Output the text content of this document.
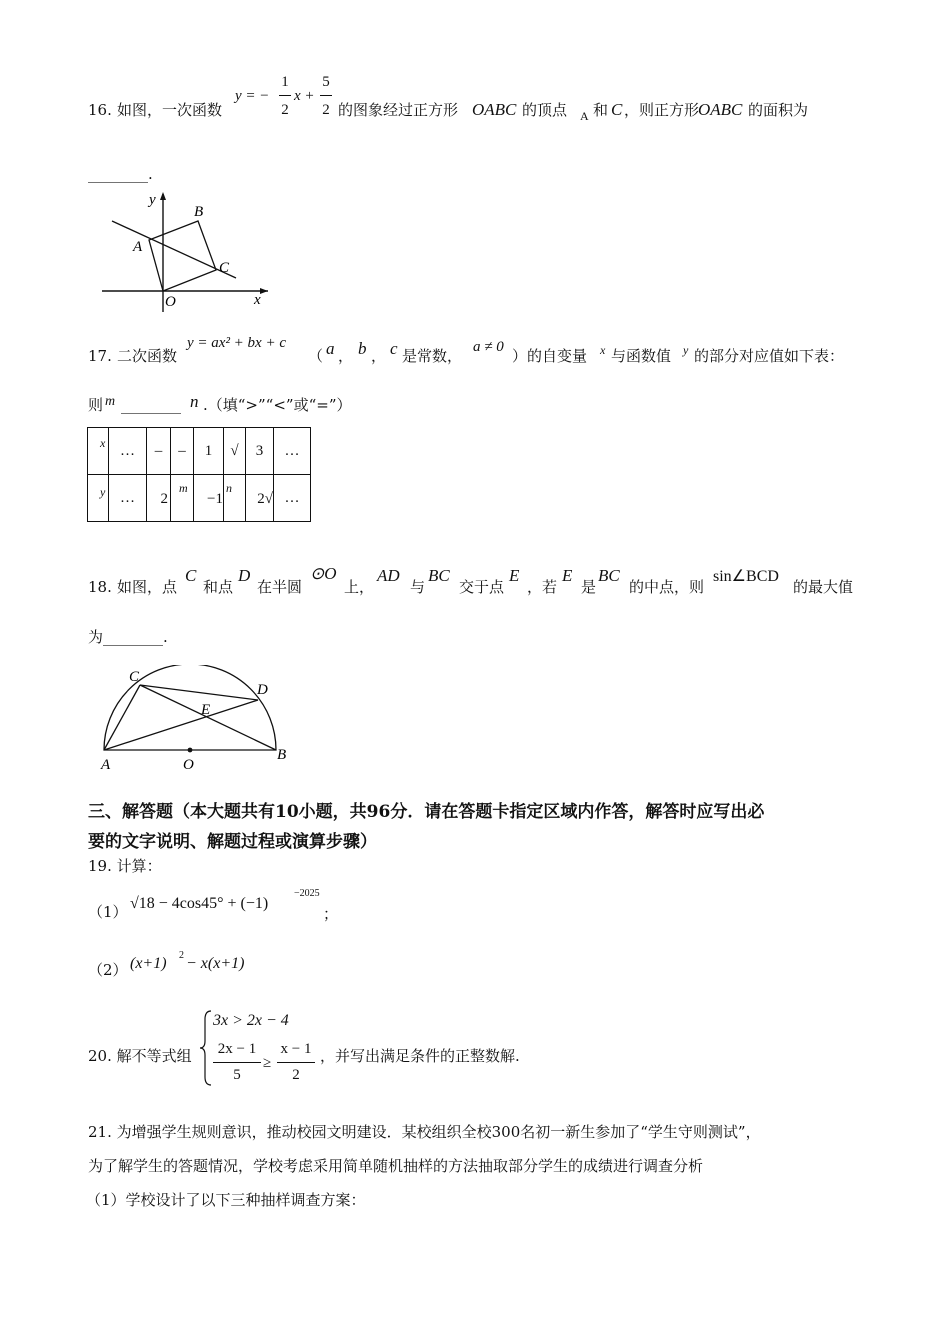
16. 如图，一次函数
y = −
1
2
x +
5
2 的图象经过正方形 OABC 的顶点 A 和 C ，则正方形
OABC 的面积为
________.
y
x
B
A
C
O
17. 二次函数
y = ax² + bx + c
（ a ， b ， c 是常数， a ≠ 0 ）的自变量 x 与函数值 y 的部分对应值如下表：
则 m ________ n .（填“>”“<”或“=”）
x	…	–	–	1	√	3	…

y	…	2	m	−1	n	2√	…
18. 如图，点
C
和点
D
在半圆
⊙O
上，
AD
与
BC
交于点
E
，若
E
是
BC
的中点，则
sin∠BCD
的最大值
为________.
C
D
E
A	O
B
三、解答题（本大题共有10小题，共96分．请在答题卡指定区域内作答，解答时应写出必
要的文字说明、解题过程或演算步骤）
19. 计算：
（1） √18 − 4cos45° + (−1)
−2025
；
（2） (x+1) 2 − x(x+1)
20. 解不等式组
3x > 2x − 4
2x − 1
5
≥
x − 1
2
，并写出满足条件的正整数解.
21. 为增强学生规则意识，推动校园文明建设．某校组织全校300名初一新生参加了“学生守则测试”，
为了解学生的答题情况，学校考虑采用简单随机抽样的方法抽取部分学生的成绩进行调查分析
（1）学校设计了以下三种抽样调查方案：
